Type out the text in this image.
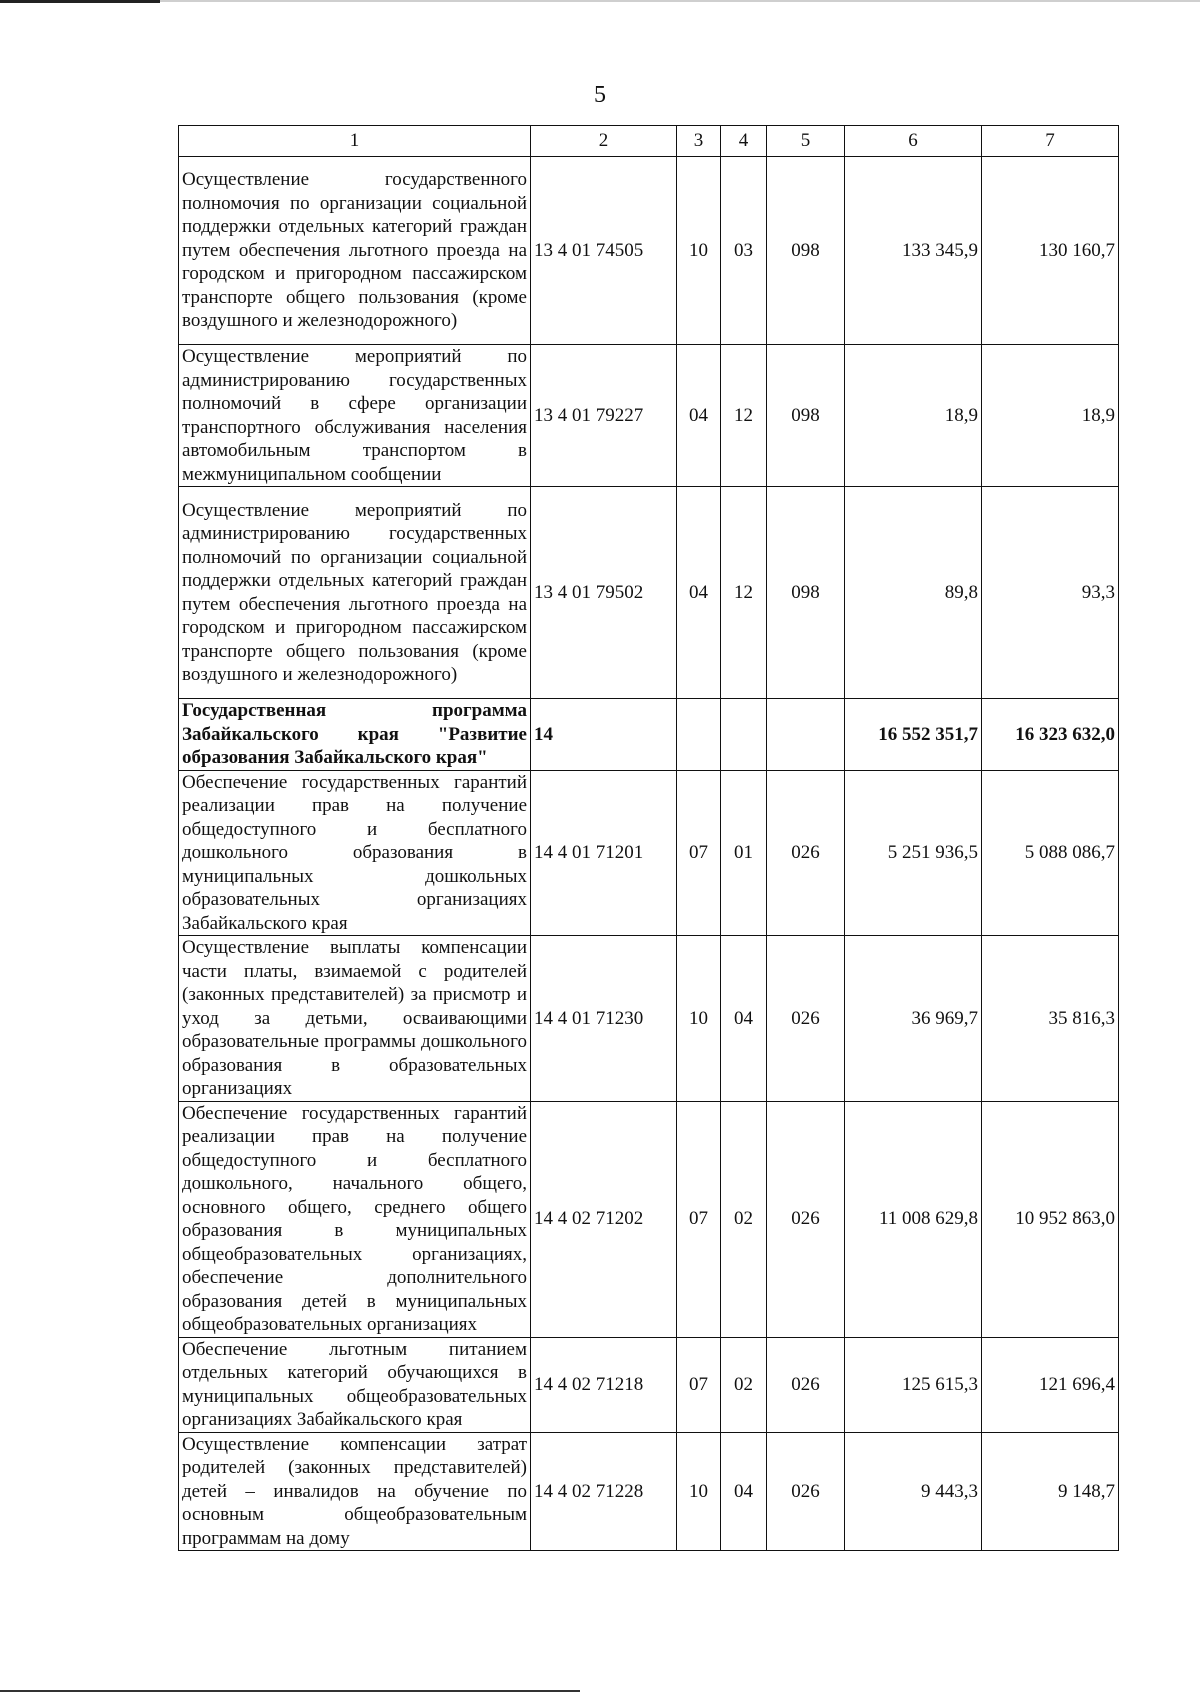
5
1	2	3	4	5	6	7
Осуществление государственного полномочия по организации социальной поддержки отдельных категорий граждан путем обеспечения льготного проезда на городском и пригородном пассажирском транспорте общего пользования (кроме воздушного и железнодорожного)	13 4 01 74505	10	03	098	133 345,9	130 160,7
Осуществление мероприятий по администрированию государственных полномочий в сфере организации транспортного обслуживания населения автомобильным транспортом в межмуниципальном сообщении	13 4 01 79227	04	12	098	18,9	18,9
Осуществление мероприятий по администрированию государственных полномочий по организации социальной поддержки отдельных категорий граждан путем обеспечения льготного проезда на городском и пригородном пассажирском транспорте общего пользования (кроме воздушного и железнодорожного)	13 4 01 79502	04	12	098	89,8	93,3
Государственная программа Забайкальского края "Развитие образования Забайкальского края"	14				16 552 351,7	16 323 632,0
Обеспечение государственных гарантий реализации прав на получение общедоступного и бесплатного дошкольного образования в муниципальных дошкольных образовательных организациях Забайкальского края	14 4 01 71201	07	01	026	5 251 936,5	5 088 086,7
Осуществление выплаты компенсации части платы, взимаемой с родителей (законных представителей) за присмотр и уход за детьми, осваивающими образовательные программы дошкольного образования в образовательных организациях	14 4 01 71230	10	04	026	36 969,7	35 816,3
Обеспечение государственных гарантий реализации прав на получение общедоступного и бесплатного дошкольного, начального общего, основного общего, среднего общего образования в муниципальных общеобразовательных организациях, обеспечение дополнительного образования детей в муниципальных общеобразовательных организациях	14 4 02 71202	07	02	026	11 008 629,8	10 952 863,0
Обеспечение льготным питанием отдельных категорий обучающихся в муниципальных общеобразовательных организациях Забайкальского края	14 4 02 71218	07	02	026	125 615,3	121 696,4
Осуществление компенсации затрат родителей (законных представителей) детей – инвалидов на обучение по основным общеобразовательным программам на дому	14 4 02 71228	10	04	026	9 443,3	9 148,7
